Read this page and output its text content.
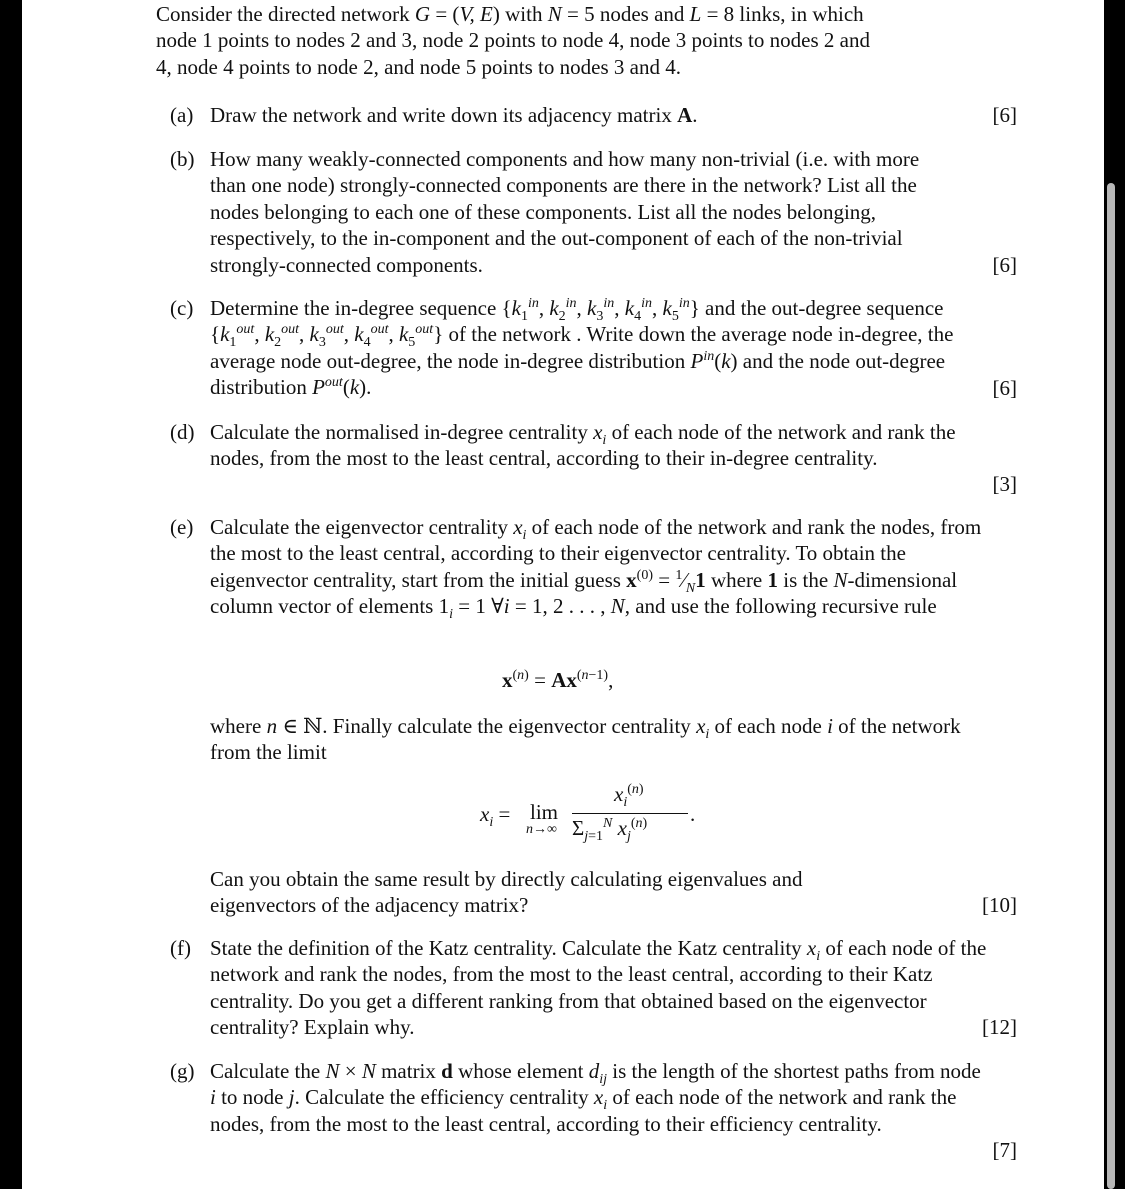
Consider the directed network G = (V, E) with N = 5 nodes and L = 8 links, in which
node 1 points to nodes 2 and 3, node 2 points to node 4, node 3 points to nodes 2 and
4, node 4 points to node 2, and node 5 points to nodes 3 and 4.
(a) Draw the network and write down its adjacency matrix A.	[6]
(b) How many weakly-connected components and how many non-trivial (i.e. with more than one node) strongly-connected components are there in the network? List all the nodes belonging to each one of these components. List all the nodes belonging, respectively, to the in-component and the out-component of each of the non-trivial strongly-connected components.	[6]
(c) Determine the in-degree sequence {$k_1^{in}$, $k_2^{in}$, $k_3^{in}$, $k_4^{in}$, $k_5^{in}$} and the out-degree sequence {$k_1^{out}$, $k_2^{out}$, $k_3^{out}$, $k_4^{out}$, $k_5^{out}$} of the network . Write down the average node in-degree, the average node out-degree, the node in-degree distribution $P^{in}(k)$ and the node out-degree distribution $P^{out}(k)$.	[6]
(d) Calculate the normalised in-degree centrality $x_i$ of each node of the network and rank the nodes, from the most to the least central, according to their in-degree centrality.
[3]
(e) Calculate the eigenvector centrality $x_i$ of each node of the network and rank the nodes, from the most to the least central, according to their eigenvector centrality. To obtain the eigenvector centrality, start from the initial guess $x^{(0)}$ = $^1⁄_N1$ where 1 is the N-dimensional column vector of elements $1_i = 1$ ∀i = 1, 2 . . . , N, and use the following recursive rule
$x^{(n)} = Ax^{(n-1)}$,
where n ∈ ℕ. Finally calculate the eigenvector centrality $x_i$ of each node i of the network from the limit
$x_i = \lim$
n→∞
$x_i^{(n)}$
$\Sigma_{j=1}^N$ $x_j^{(n)}$ .
Can you obtain the same result by directly calculating eigenvalues and eigenvectors of the adjacency matrix?	[10]
(f) State the definition of the Katz centrality. Calculate the Katz centrality $x_i$ of each node of the network and rank the nodes, from the most to the least central, according to their Katz centrality. Do you get a different ranking from that obtained based on the eigenvector centrality? Explain why.	[12]
(g) Calculate the N × N matrix d whose element $d_{ij}$ is the length of the shortest paths from node i to node j. Calculate the efficiency centrality $x_i$ of each node of the network and rank the nodes, from the most to the least central, according to their efficiency centrality.
[7]
